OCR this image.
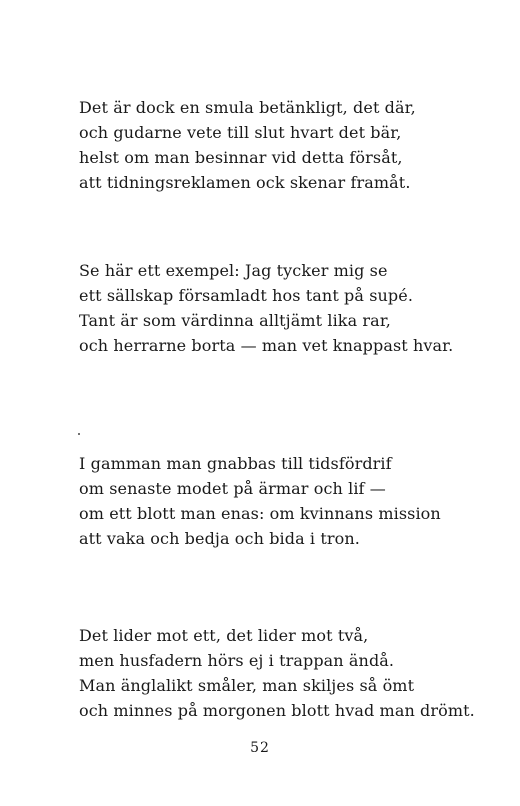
Det är dock en smula betänkligt, det där,
och gudarne vete till slut hvart det bär,
helst om man besinnar vid detta försåt,
att tidningsreklamen ock skenar framåt.
Se här ett exempel: Jag tycker mig se
ett sällskap församladt hos tant på supé.
Tant är som värdinna alltjämt lika rar,
och herrarne borta — man vet knappast hvar.
I gamman man gnabbas till tidsfördrif
om senaste modet på ärmar och lif —
om ett blott man enas: om kvinnans mission
att vaka och bedja och bida i tron.
Det lider mot ett, det lider mot två,
men husfadern hörs ej i trappan ändå.
Man änglalikt småler, man skiljes så ömt
och minnes på morgonen blott hvad man drömt.
52
